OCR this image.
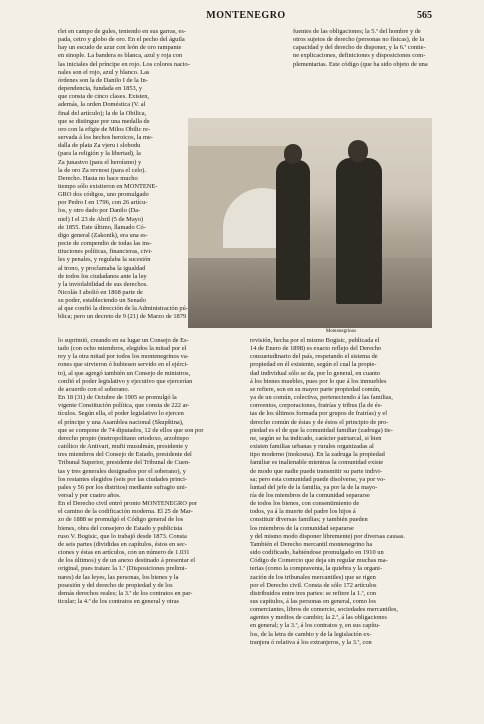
MONTENEGRO	565
rlet en campo de gules, teniendo en sus garras, es-
pada, cetro y globo de oro. En el pecho del águila
hay un escudo de azur con león de oro rampante
en sinople. La bandera es blanca, azul y roja con
las iniciales del príncipe en rojo. Los colores nacio-
nales son el rojo, azul y blanco. Las
órdenes son la de Danilo I de la In-
dependencia, fundada en 1853, y
que consta de cinco clases. Existen,
además, la orden Doméstica (V. al
final del artículo); la de la Obilica,
que se distingue por una medalla de
oro con la efigie de Milos Obilic re-
servada á los hechos heroicos, la me-
dalla de plata Za vjeru i slobodu
(para la religión y la libertad), la
Za junastvo (para el heroísmo) y
la de oro Za revnost (para el celo).
Derecho. Hasta no hace mucho
tiempo sólo existieron en MONTENE-
GRO dos códigos, uno promulgado
por Pedro I en 1796, con 26 artícu-
los, y otro dado por Danilo (Da-
niel) I el 23 de Abril (5 de Mayo)
de 1855. Este último, llamado Có-
digo general (Zakonik), era una es-
pecie de compendio de todas las ins-
tituciones políticas, financieras, civi-
les y penales, y regulaba la sucesión
al trono, y proclamaba la igualdad
de todos los ciudadanos ante la ley
y la inviolabilidad de sus derechos.
Nicolás I abolió en 1868 parte de
su poder, estableciendo un Senado
al que confió la dirección de la Administración pú-
blica; pero un decreto de 9 (21) de Marzo de 1879
fuentes de las obligaciones; la 5.ª del hombre y de
otros sujetos de derecho (personas no físicas), de la
capacidad y del derecho de disponer, y la 6.ª contie-
ne explicaciones, definiciones y disposiciones com-
plementarias. Este código (que ha sido objeto de una
Montenegrinos
lo suprimió, creando en su lugar un Consejo de Es-
tado (con ocho miembros, elegidos la mitad por el
rey y la otra mitad por todos los montenegrinos va-
rones que sirvieron ó hubiesen servido en el ejérci-
to), al que agregó también un Consejo de ministros,
confió el poder legislativo y ejecutivo que ejercerían
de acuerdo con el soberano.
En 18 (31) de Octubre de 1905 se promulgó la
vigente Constitución política, que consta de 222 ar-
tículos. Según ella, el poder legislativo lo ejercen
el príncipe y una Asamblea nacional (Skupština),
que se compone de 74 diputados, 12 de ellos que son por
derecho propio (metropolitano ortodoxo, arzobispo
católico de Antivari, mufti musulmán, presidente y
tres miembros del Consejo de Estado, presidente del
Tribunal Superior, presidente del Tribunal de Cuen-
tas y tres generales designados por el soberano), y
los restantes elegidos (seis por las ciudades princi-
pales y 56 por los distritos) mediante sufragio uni-
versal y por cuatro años.
En el Derecho civil entró pronto MONTENEGRO por
el camino de la codificación moderna. El 25 de Mar-
zo de 1888 se promulgó el Código general de los
bienes, obra del consejero de Estado y publicista
ruso V. Bogisic, que lo trabajó desde 1873. Consta
de seis partes (divididas en capítulos, éstos en sec-
ciones y éstas en artículos, con un número de 1.031
de los últimos) y de un anexo destinado á presentar el
original, pues tratan: la 1.ª (Disposiciones prelimi-
nares) de las leyes, las personas, los bienes y la
posesión y del derecho de propiedad y de los
demás derechos reales; la 3.ª de los contratos en par-
ticular; la 4.ª de los contratos en general y otras
revisión, hecha por el mismo Bogisic, publicada el
14 de Enero de 1898) es exacto reflejo del Derecho
consuetudinario del país, respetando el sistema de
propiedad en él existente, según el cual la propie-
dad individual sólo se da, por lo general, en cuanto
á los bienes muebles, pues por lo que á los inmuebles
se refiere, son en su mayor parte propiedad común,
ya de un común, colectiva, perteneciendo á las familias,
conventos, corporaciones, fratrías y tribus (la de és-
tas de los últimos formada por grupos de fratrías) y el
derecho común de éstas y de éstos el principio de pro-
piedad es el de que la comunidad familiar (zadruga) tie-
ne, según se ha indicado, carácter patriarcal, si bien
existen familias urbanas y rurales organizadas al
tipo moderno (inokosna). En la zadruga la propiedad
familiar es inalienable mientras la comunidad existe
de modo que nadie puede transmitir su parte indivi-
sa; pero esta comunidad puede disolverse, ya por vo-
luntad del jefe de la familia, ya por la de la mayo-
ría de los miembros de la comunidad separarse
de todos los bienes, con consentimiento de
todos, ya á la muerte del padre los hijos á
constituir diversas familias; y también pueden
los miembros de la comunidad separarse
y del mismo modo disponer libremente) por diversas causas.
También el Derecho mercantil montenegrino ha
sido codificado, habiéndose promulgado en 1910 un
Código de Comercio que deja sin regular muchas ma-
terias (como la compraventa, la quiebra y la organi-
zación de los tribunales mercantiles) que se rigen
por el Derecho civil. Consta de sólo 172 artículos
distribuidos entre tres partes: se refiere la 1.ª, con
sus capítulos, á las personas en general, como los
comerciantes, libros de comercio, sociedades mercantiles,
agentes y medios de cambio; la 2.ª, á las obligaciones
en general; y la 3.ª, á los contratos y, en sus capítu-
los, de la letra de cambio y de la legislación ex-
tranjera ó relativa á los extranjeros, y la 3.ª, con
